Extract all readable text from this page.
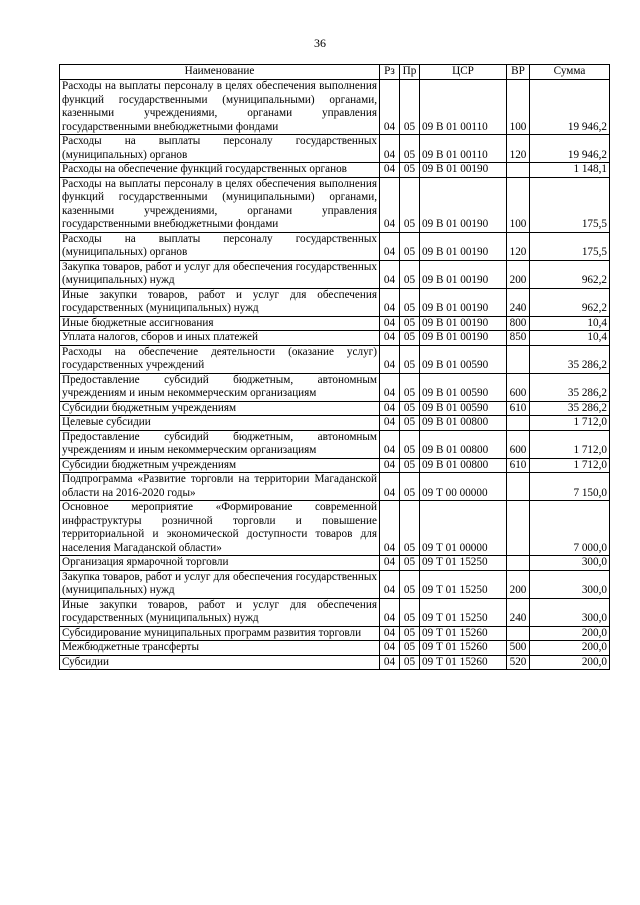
36
Наименование	Рз	Пр	ЦСР	ВР	Сумма
Расходы на выплаты персоналу в целях обеспечения выполнения функций государственными (муниципальными) органами, казенными учреждениями, органами управления государственными внебюджетными фондами	04	05	09 В 01 00110	100	19 946,2
Расходы на выплаты персоналу государственных (муниципальных) органов	04	05	09 В 01 00110	120	19 946,2
Расходы на обеспечение функций государственных органов	04	05	09 В 01 00190		1 148,1
Расходы на выплаты персоналу в целях обеспечения выполнения функций государственными (муниципальными) органами, казенными учреждениями, органами управления государственными внебюджетными фондами	04	05	09 В 01 00190	100	175,5
Расходы на выплаты персоналу государственных (муниципальных) органов	04	05	09 В 01 00190	120	175,5
Закупка товаров, работ и услуг для обеспечения государственных (муниципальных) нужд	04	05	09 В 01 00190	200	962,2
Иные закупки товаров, работ и услуг для обеспечения государственных (муниципальных) нужд	04	05	09 В 01 00190	240	962,2
Иные бюджетные ассигнования	04	05	09 В 01 00190	800	10,4
Уплата налогов, сборов и иных платежей	04	05	09 В 01 00190	850	10,4
Расходы на обеспечение деятельности (оказание услуг) государственных учреждений	04	05	09 В 01 00590		35 286,2
Предоставление субсидий бюджетным, автономным учреждениям и иным некоммерческим организациям	04	05	09 В 01 00590	600	35 286,2
Субсидии бюджетным учреждениям	04	05	09 В 01 00590	610	35 286,2
Целевые субсидии	04	05	09 В 01 00800		1 712,0
Предоставление субсидий бюджетным, автономным учреждениям и иным некоммерческим организациям	04	05	09 В 01 00800	600	1 712,0
Субсидии бюджетным учреждениям	04	05	09 В 01 00800	610	1 712,0
Подпрограмма «Развитие торговли на территории Магаданской области на 2016-2020 годы»	04	05	09 Т 00 00000		7 150,0
Основное мероприятие «Формирование современной инфраструктуры розничной торговли и повышение территориальной и экономической доступности товаров для населения Магаданской области»	04	05	09 Т 01 00000		7 000,0
Организация ярмарочной торговли	04	05	09 Т 01 15250		300,0
Закупка товаров, работ и услуг для обеспечения государственных (муниципальных) нужд	04	05	09 Т 01 15250	200	300,0
Иные закупки товаров, работ и услуг для обеспечения государственных (муниципальных) нужд	04	05	09 Т 01 15250	240	300,0
Субсидирование муниципальных программ развития торговли	04	05	09 Т 01 15260		200,0
Межбюджетные трансферты	04	05	09 Т 01 15260	500	200,0
Субсидии	04	05	09 Т 01 15260	520	200,0
